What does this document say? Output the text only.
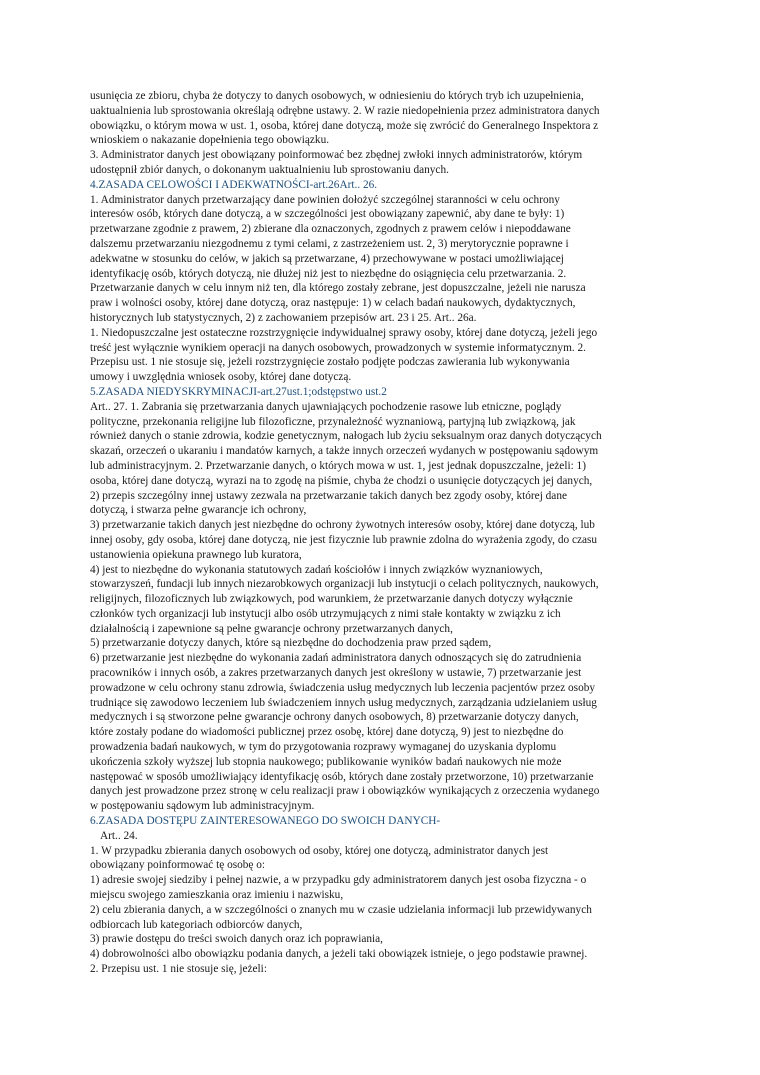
usunięcia ze zbioru, chyba że dotyczy to danych osobowych, w odniesieniu do których tryb ich uzupełnienia,
uaktualnienia lub sprostowania określają odrębne ustawy. 2. W razie niedopełnienia przez administratora danych
obowiązku, o którym mowa w ust. 1, osoba, której dane dotyczą, może się zwrócić do Generalnego Inspektora z
wnioskiem o nakazanie dopełnienia tego obowiązku.
3. Administrator danych jest obowiązany poinformować bez zbędnej zwłoki innych administratorów, którym
udostępnił zbiór danych, o dokonanym uaktualnieniu lub sprostowaniu danych.
4.ZASADA CELOWOŚCI I ADEKWATNOŚCI-art.26Art.. 26.
1. Administrator danych przetwarzający dane powinien dołożyć szczególnej staranności w celu ochrony
interesów osób, których dane dotyczą, a w szczególności jest obowiązany zapewnić, aby dane te były: 1)
przetwarzane zgodnie z prawem, 2) zbierane dla oznaczonych, zgodnych z prawem celów i niepoddawane
dalszemu przetwarzaniu niezgodnemu z tymi celami, z zastrzeżeniem ust. 2, 3) merytorycznie poprawne i
adekwatne w stosunku do celów, w jakich są przetwarzane, 4) przechowywane w postaci umożliwiającej
identyfikację osób, których dotyczą, nie dłużej niż jest to niezbędne do osiągnięcia celu przetwarzania. 2.
Przetwarzanie danych w celu innym niż ten, dla którego zostały zebrane, jest dopuszczalne, jeżeli nie narusza
praw i wolności osoby, której dane dotyczą, oraz następuje: 1) w celach badań naukowych, dydaktycznych,
historycznych lub statystycznych, 2) z zachowaniem przepisów art. 23 i 25. Art.. 26a.
1. Niedopuszczalne jest ostateczne rozstrzygnięcie indywidualnej sprawy osoby, której dane dotyczą, jeżeli jego
treść jest wyłącznie wynikiem operacji na danych osobowych, prowadzonych w systemie informatycznym. 2.
Przepisu ust. 1 nie stosuje się, jeżeli rozstrzygnięcie zostało podjęte podczas zawierania lub wykonywania
umowy i uwzględnia wniosek osoby, której dane dotyczą.
5.ZASADA NIEDYSKRYMINACJI-art.27ust.1;odstępstwo ust.2
Art.. 27. 1. Zabrania się przetwarzania danych ujawniających pochodzenie rasowe lub etniczne, poglądy
polityczne, przekonania religijne lub filozoficzne, przynależność wyznaniową, partyjną lub związkową, jak
również danych o stanie zdrowia, kodzie genetycznym, nałogach lub życiu seksualnym oraz danych dotyczących
skazań, orzeczeń o ukaraniu i mandatów karnych, a także innych orzeczeń wydanych w postępowaniu sądowym
lub administracyjnym. 2. Przetwarzanie danych, o których mowa w ust. 1, jest jednak dopuszczalne, jeżeli: 1)
osoba, której dane dotyczą, wyrazi na to zgodę na piśmie, chyba że chodzi o usunięcie dotyczących jej danych,
2) przepis szczególny innej ustawy zezwala na przetwarzanie takich danych bez zgody osoby, której dane
dotyczą, i stwarza pełne gwarancje ich ochrony,
3) przetwarzanie takich danych jest niezbędne do ochrony żywotnych interesów osoby, której dane dotyczą, lub
innej osoby, gdy osoba, której dane dotyczą, nie jest fizycznie lub prawnie zdolna do wyrażenia zgody, do czasu
ustanowienia opiekuna prawnego lub kuratora,
4) jest to niezbędne do wykonania statutowych zadań kościołów i innych związków wyznaniowych,
stowarzyszeń, fundacji lub innych niezarobkowych organizacji lub instytucji o celach politycznych, naukowych,
religijnych, filozoficznych lub związkowych, pod warunkiem, że przetwarzanie danych dotyczy wyłącznie
członków tych organizacji lub instytucji albo osób utrzymujących z nimi stałe kontakty w związku z ich
działalnością i zapewnione są pełne gwarancje ochrony przetwarzanych danych,
5) przetwarzanie dotyczy danych, które są niezbędne do dochodzenia praw przed sądem,
6) przetwarzanie jest niezbędne do wykonania zadań administratora danych odnoszących się do zatrudnienia
pracowników i innych osób, a zakres przetwarzanych danych jest określony w ustawie, 7) przetwarzanie jest
prowadzone w celu ochrony stanu zdrowia, świadczenia usług medycznych lub leczenia pacjentów przez osoby
trudniące się zawodowo leczeniem lub świadczeniem innych usług medycznych, zarządzania udzielaniem usług
medycznych i są stworzone pełne gwarancje ochrony danych osobowych, 8) przetwarzanie dotyczy danych,
które zostały podane do wiadomości publicznej przez osobę, której dane dotyczą, 9) jest to niezbędne do
prowadzenia badań naukowych, w tym do przygotowania rozprawy wymaganej do uzyskania dyplomu
ukończenia szkoły wyższej lub stopnia naukowego; publikowanie wyników badań naukowych nie może
następować w sposób umożliwiający identyfikację osób, których dane zostały przetworzone, 10) przetwarzanie
danych jest prowadzone przez stronę w celu realizacji praw i obowiązków wynikających z orzeczenia wydanego
w postępowaniu sądowym lub administracyjnym.
6.ZASADA DOSTĘPU ZAINTERESOWANEGO DO SWOICH DANYCH-
Art.. 24.
1. W przypadku zbierania danych osobowych od osoby, której one dotyczą, administrator danych jest
obowiązany poinformować tę osobę o:
1) adresie swojej siedziby i pełnej nazwie, a w przypadku gdy administratorem danych jest osoba fizyczna - o
miejscu swojego zamieszkania oraz imieniu i nazwisku,
2) celu zbierania danych, a w szczególności o znanych mu w czasie udzielania informacji lub przewidywanych
odbiorcach lub kategoriach odbiorców danych,
3) prawie dostępu do treści swoich danych oraz ich poprawiania,
4) dobrowolności albo obowiązku podania danych, a jeżeli taki obowiązek istnieje, o jego podstawie prawnej.
2. Przepisu ust. 1 nie stosuje się, jeżeli:
